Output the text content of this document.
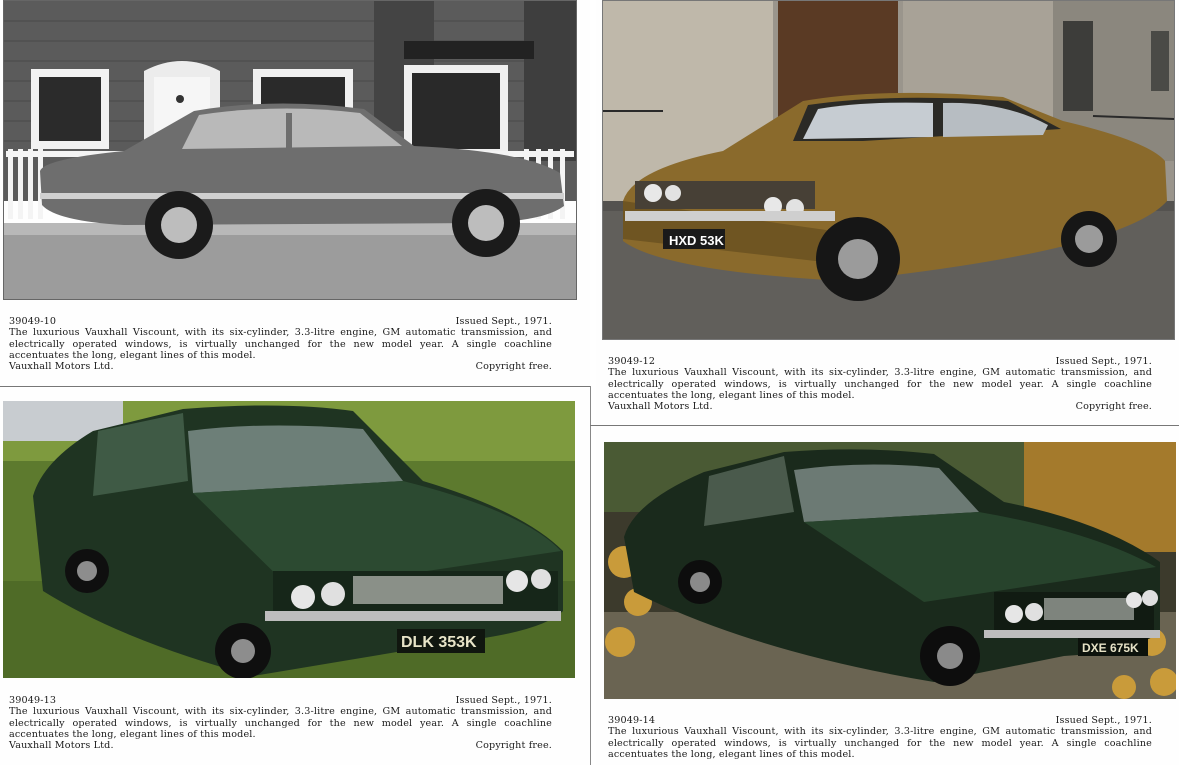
39049-10	Issued Sept., 1971.
The luxurious Vauxhall Viscount, with its six-cylinder, 3.3-litre engine, GM automatic transmission, and electrically operated windows, is virtually unchanged for the new model year. A single coachline accentuates the long, elegant lines of this model.
Vauxhall Motors Ltd.	Copyright free.
HXD 53K
39049-12	Issued Sept., 1971.
The luxurious Vauxhall Viscount, with its six-cylinder, 3.3-litre engine, GM automatic transmission, and electrically operated windows, is virtually unchanged for the new model year. A single coachline accentuates the long, elegant lines of this model.
Vauxhall Motors Ltd.	Copyright free.
DLK 353K
39049-13	Issued Sept., 1971.
The luxurious Vauxhall Viscount, with its six-cylinder, 3.3-litre engine, GM automatic transmission, and electrically operated windows, is virtually unchanged for the new model year. A single coachline accentuates the long, elegant lines of this model.
Vauxhall Motors Ltd.	Copyright free.
DXE 675K
39049-14	Issued Sept., 1971.
The luxurious Vauxhall Viscount, with its six-cylinder, 3.3-litre engine, GM automatic transmission, and electrically operated windows, is virtually unchanged for the new model year. A single coachline accentuates the long, elegant lines of this model.
